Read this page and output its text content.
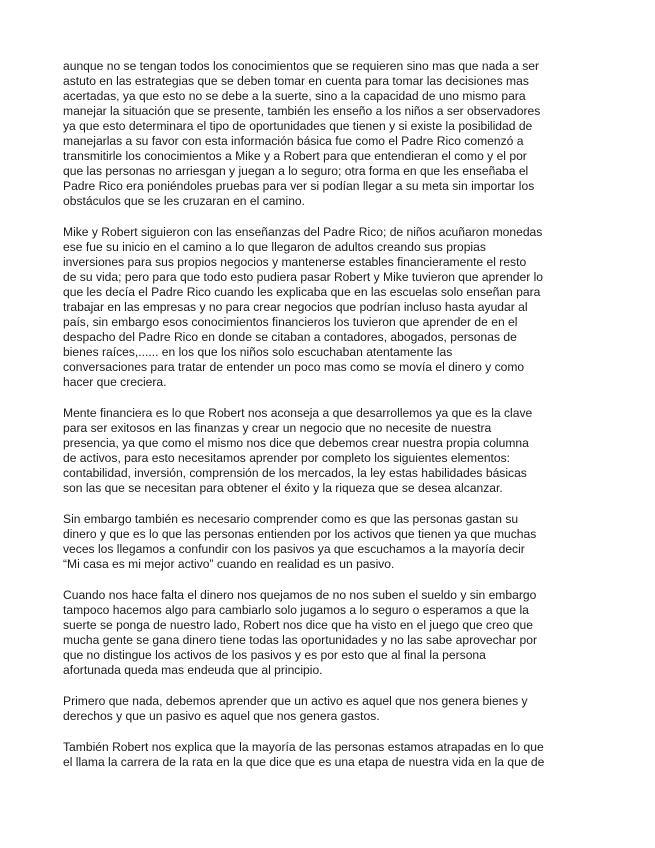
aunque no se tengan todos los conocimientos que se requieren sino mas que nada a ser
astuto en las estrategias que se deben tomar en cuenta para tomar las decisiones mas
acertadas, ya que esto no se debe a la suerte, sino a la capacidad de uno mismo para
manejar la situación que se presente, también les enseño a los niños a ser observadores
ya que esto determinara el tipo de oportunidades que tienen y si existe la posibilidad de
manejarlas a su favor con esta información básica fue como el Padre Rico comenzó a
transmitirle los conocimientos a Mike y a Robert para que entendieran el como y el por
que las personas no arriesgan y juegan a lo seguro; otra forma en que les enseñaba el
Padre Rico era poniéndoles pruebas para ver si podían llegar a su meta sin importar los
obstáculos que se les cruzaran en el camino.

Mike y Robert siguieron con las enseñanzas del Padre Rico; de niños acuñaron monedas
ese fue su inicio en el camino a lo que llegaron de adultos creando sus propias
inversiones para sus propios negocios y mantenerse estables financieramente el resto
de su vida; pero para que todo esto pudiera pasar Robert y Mike tuvieron que aprender lo
que les decía el Padre Rico cuando les explicaba que en las escuelas solo enseñan para
trabajar en las empresas y no para crear negocios que podrían incluso hasta ayudar al
país, sin embargo esos conocimientos financieros los tuvieron que aprender de en el
despacho del Padre Rico en donde se citaban a contadores, abogados, personas de
bienes raíces,...... en los que los niños solo escuchaban atentamente las
conversaciones para tratar de entender un poco mas como se movía el dinero y como
hacer que creciera.

Mente financiera es lo que Robert nos aconseja a que desarrollemos ya que es la clave
para ser exitosos en las finanzas y crear un negocio que no necesite de nuestra
presencia, ya que como el mismo nos dice que debemos crear nuestra propia columna
de activos, para esto necesitamos aprender por completo los siguientes elementos:
contabilidad, inversión, comprensión de los mercados, la ley estas habilidades básicas
son las que se necesitan para obtener el éxito y la riqueza que se desea alcanzar.

Sin embargo también es necesario comprender como es que las personas gastan su
dinero y que es lo que las personas entienden por los activos que tienen ya que muchas
veces los llegamos a confundir con los pasivos ya que escuchamos a la mayoría decir
“Mi casa es mi mejor activo” cuando en realidad es un pasivo.

Cuando nos hace falta el dinero nos quejamos de no nos suben el sueldo y sin embargo
tampoco hacemos algo para cambiarlo solo jugamos a lo seguro o esperamos a que la
suerte se ponga de nuestro lado, Robert nos dice que ha visto en el juego que creo que
mucha gente se gana dinero tiene todas las oportunidades y no las sabe aprovechar por
que no distingue los activos de los pasivos y es por esto que al final la persona
afortunada queda mas endeuda que al principio.

Primero que nada, debemos aprender que un activo es aquel que nos genera bienes y
derechos y que un pasivo es aquel que nos genera gastos.

También Robert nos explica que la mayoría de las personas estamos atrapadas en lo que
el llama la carrera de la rata en la que dice que es una etapa de nuestra vida en la que de
